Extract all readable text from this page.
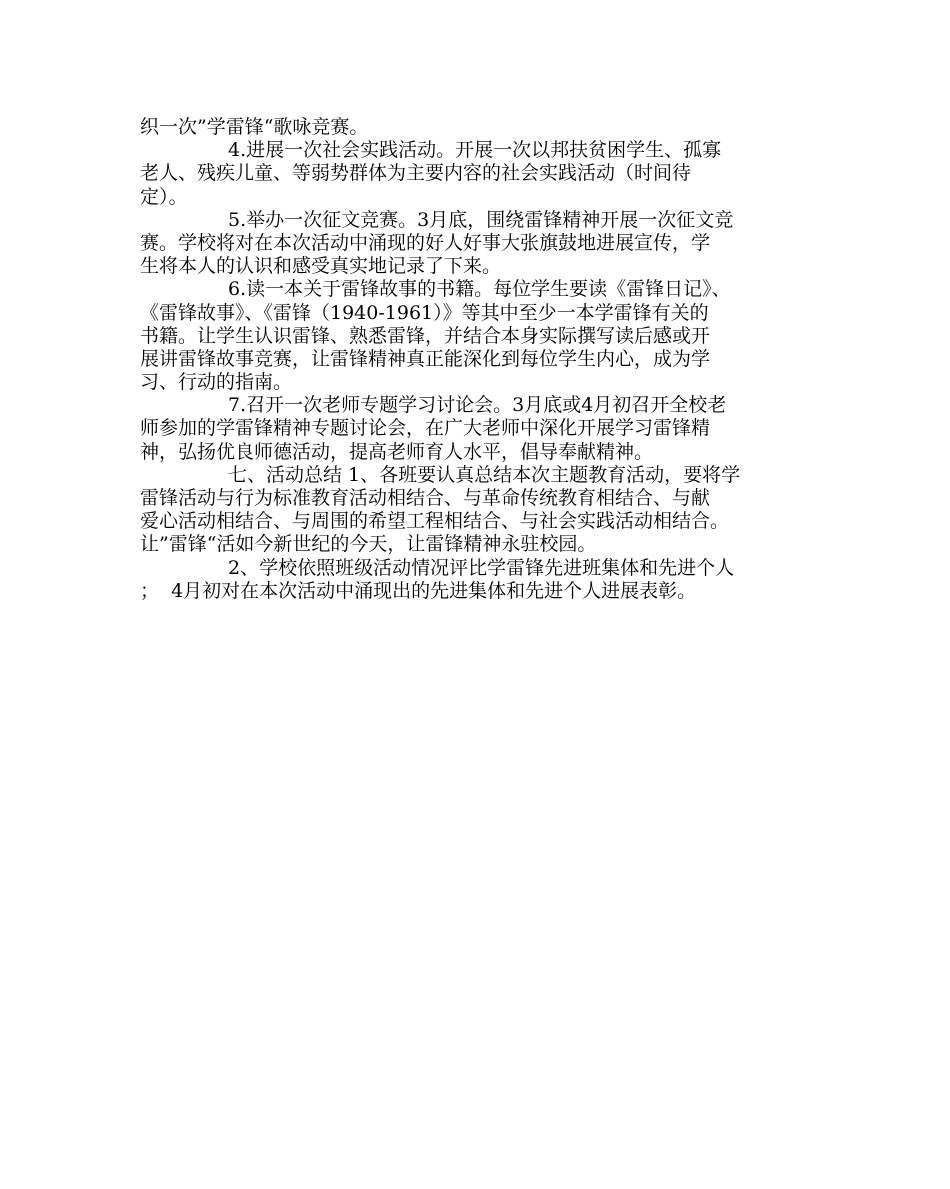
织一次”学雷锋“歌咏竞赛。
4.进展一次社会实践活动。开展一次以邦扶贫困学生、孤寡
老人、残疾儿童、等弱势群体为主要内容的社会实践活动（时间待
定）。
5.举办一次征文竞赛。3月底，围绕雷锋精神开展一次征文竞
赛。学校将对在本次活动中涌现的好人好事大张旗鼓地进展宣传，学
生将本人的认识和感受真实地记录了下来。
6.读一本关于雷锋故事的书籍。每位学生要读《雷锋日记》、
《雷锋故事》、《雷锋（1940-1961）》等其中至少一本学雷锋有关的
书籍。让学生认识雷锋、熟悉雷锋，并结合本身实际撰写读后感或开
展讲雷锋故事竞赛，让雷锋精神真正能深化到每位学生内心，成为学
习、行动的指南。
7.召开一次老师专题学习讨论会。3月底或4月初召开全校老
师参加的学雷锋精神专题讨论会，在广大老师中深化开展学习雷锋精
神，弘扬优良师德活动，提高老师育人水平，倡导奉献精神。
七、活动总结 1、各班要认真总结本次主题教育活动，要将学
雷锋活动与行为标准教育活动相结合、与革命传统教育相结合、与献
爱心活动相结合、与周围的希望工程相结合、与社会实践活动相结合。
让”雷锋“活如今新世纪的今天，让雷锋精神永驻校园。
2、学校依照班级活动情况评比学雷锋先进班集体和先进个人
；  4月初对在本次活动中涌现出的先进集体和先进个人进展表彰。
